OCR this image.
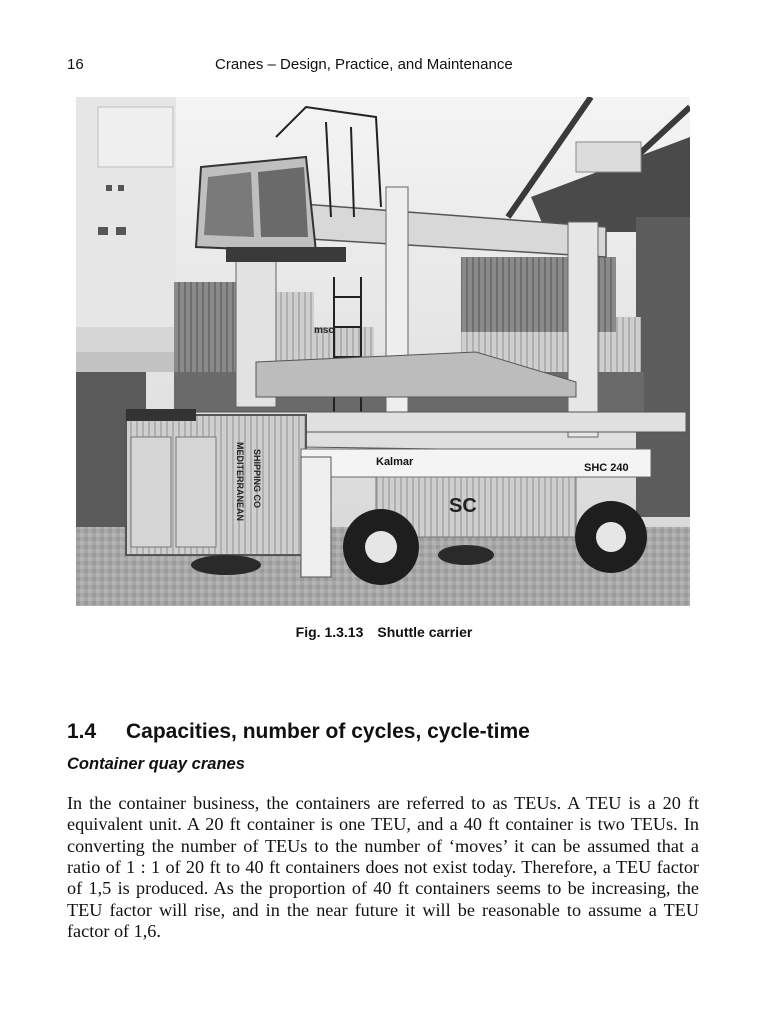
16	Cranes – Design, Practice, and Maintenance
MEDITERRANEAN SHIPPING CO	Kalmar	SHC 240
SC
msc
Fig. 1.3.13 Shuttle carrier
1.4 Capacities, number of cycles, cycle-time
Container quay cranes

In the container business, the containers are referred to as TEUs. A TEU is a 20 ft equivalent unit. A 20 ft container is one TEU, and a 40 ft container is two TEUs. In converting the number of TEUs to the number of ‘moves’ it can be assumed that a ratio of 1 : 1 of 20 ft to 40 ft containers does not exist today. Therefore, a TEU factor of 1,5 is produced. As the proportion of 40 ft containers seems to be increasing, the TEU factor will rise, and in the near future it will be reasonable to assume a TEU factor of 1,6.
